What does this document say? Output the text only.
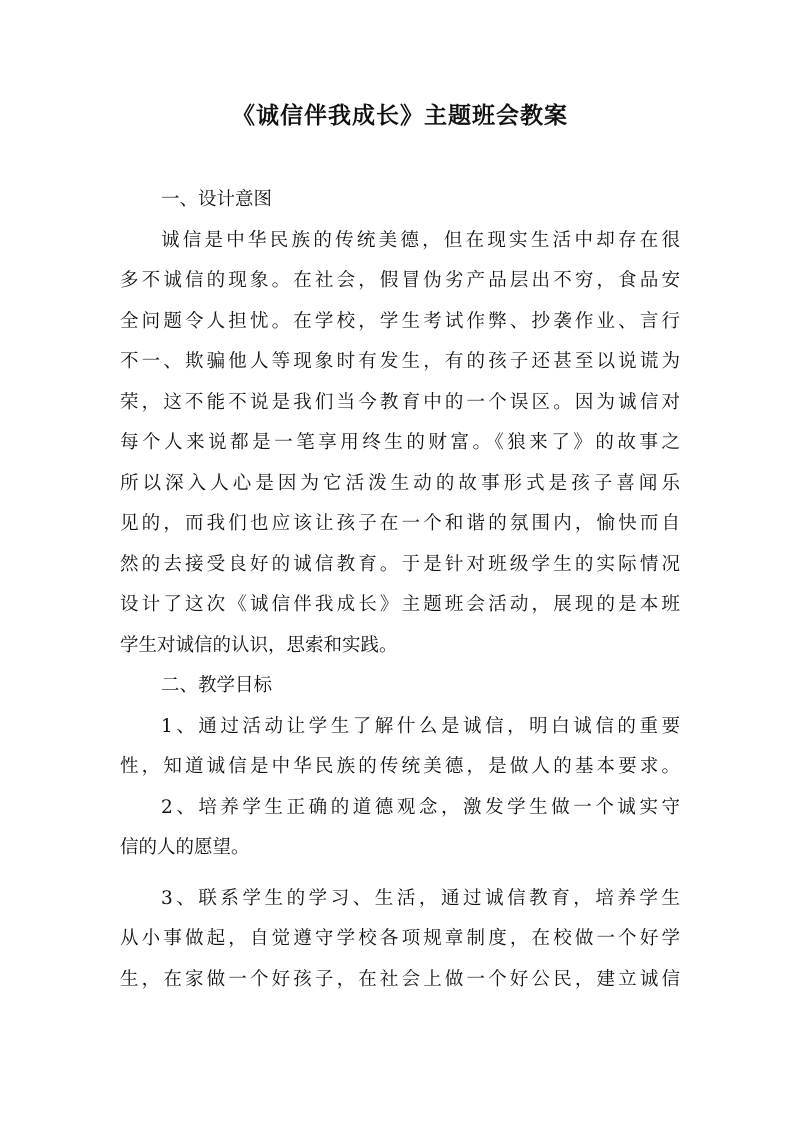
《诚信伴我成长》主题班会教案
一、设计意图
诚信是中华民族的传统美德，但在现实生活中却存在很
多不诚信的现象。在社会，假冒伪劣产品层出不穷，食品安
全问题令人担忧。在学校，学生考试作弊、抄袭作业、言行
不一、欺骗他人等现象时有发生，有的孩子还甚至以说谎为
荣，这不能不说是我们当今教育中的一个误区。因为诚信对
每个人来说都是一笔享用终生的财富。《狼来了》的故事之
所以深入人心是因为它活泼生动的故事形式是孩子喜闻乐
见的，而我们也应该让孩子在一个和谐的氛围内，愉快而自
然的去接受良好的诚信教育。于是针对班级学生的实际情况
设计了这次《诚信伴我成长》主题班会活动，展现的是本班
学生对诚信的认识，思索和实践。
二、教学目标
1、通过活动让学生了解什么是诚信，明白诚信的重要
性，知道诚信是中华民族的传统美德，是做人的基本要求。
2、培养学生正确的道德观念，激发学生做一个诚实守
信的人的愿望。
3、联系学生的学习、生活，通过诚信教育，培养学生
从小事做起，自觉遵守学校各项规章制度，在校做一个好学
生，在家做一个好孩子，在社会上做一个好公民，建立诚信
